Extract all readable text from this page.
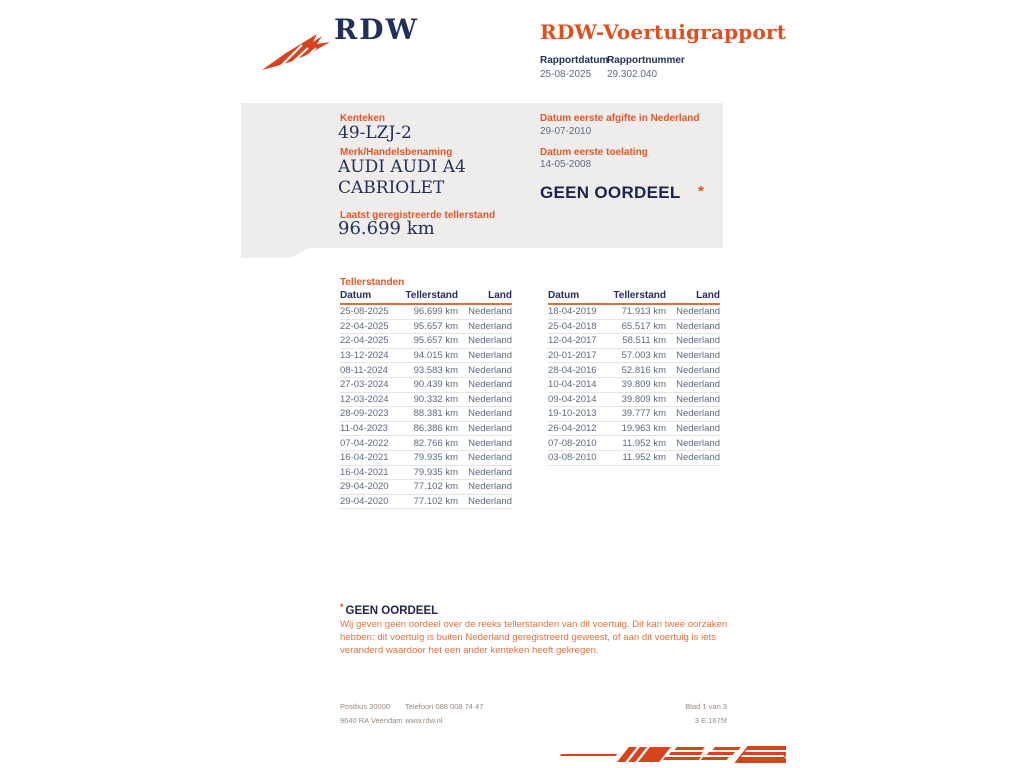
RDW	RDW-Voertuigrapport
Rapportdatum
25-08-2025
Rapportnummer
29.302.040
Kenteken
49-LZJ-2
Merk/Handelsbenaming
AUDI AUDI A4
CABRIOLET
Laatst geregistreerde tellerstand
96.699 km
Datum eerste afgifte in Nederland
29-07-2010
Datum eerste toelating
14-05-2008
GEEN OORDEEL *
Tellerstanden
Datum	Tellerstand	Land
25-08-2025	96.699 km	Nederland
22-04-2025	95.657 km	Nederland
22-04-2025	95.657 km	Nederland
13-12-2024	94.015 km	Nederland
08-11-2024	93.583 km	Nederland
27-03-2024	90.439 km	Nederland
12-03-2024	90.332 km	Nederland
28-09-2023	88.381 km	Nederland
11-04-2023	86.386 km	Nederland
07-04-2022	82.766 km	Nederland
16-04-2021	79.935 km	Nederland
16-04-2021	79.935 km	Nederland
29-04-2020	77.102 km	Nederland
29-04-2020	77.102 km	Nederland
Datum	Tellerstand	Land
18-04-2019	71.913 km	Nederland
25-04-2018	65.517 km	Nederland
12-04-2017	58.511 km	Nederland
20-01-2017	57.003 km	Nederland
28-04-2016	52.816 km	Nederland
10-04-2014	39.809 km	Nederland
09-04-2014	39.809 km	Nederland
19-10-2013	39.777 km	Nederland
26-04-2012	19.963 km	Nederland
07-08-2010	11.952 km	Nederland
03-08-2010	11.952 km	Nederland
* GEEN OORDEEL
Wij geven geen oordeel over de reeks tellerstanden van dit voertuig. Dit kan twee oorzaken hebben: dit voertuig is buiten Nederland geregistreerd geweest, of aan dit voertuig is iets veranderd waardoor het een ander kenteken heeft gekregen.
Postbus 30000
9640 RA Veendam
Telefoon 088 008 74 47
www.rdw.nl
Blad 1 van 3
3 E 1675f
